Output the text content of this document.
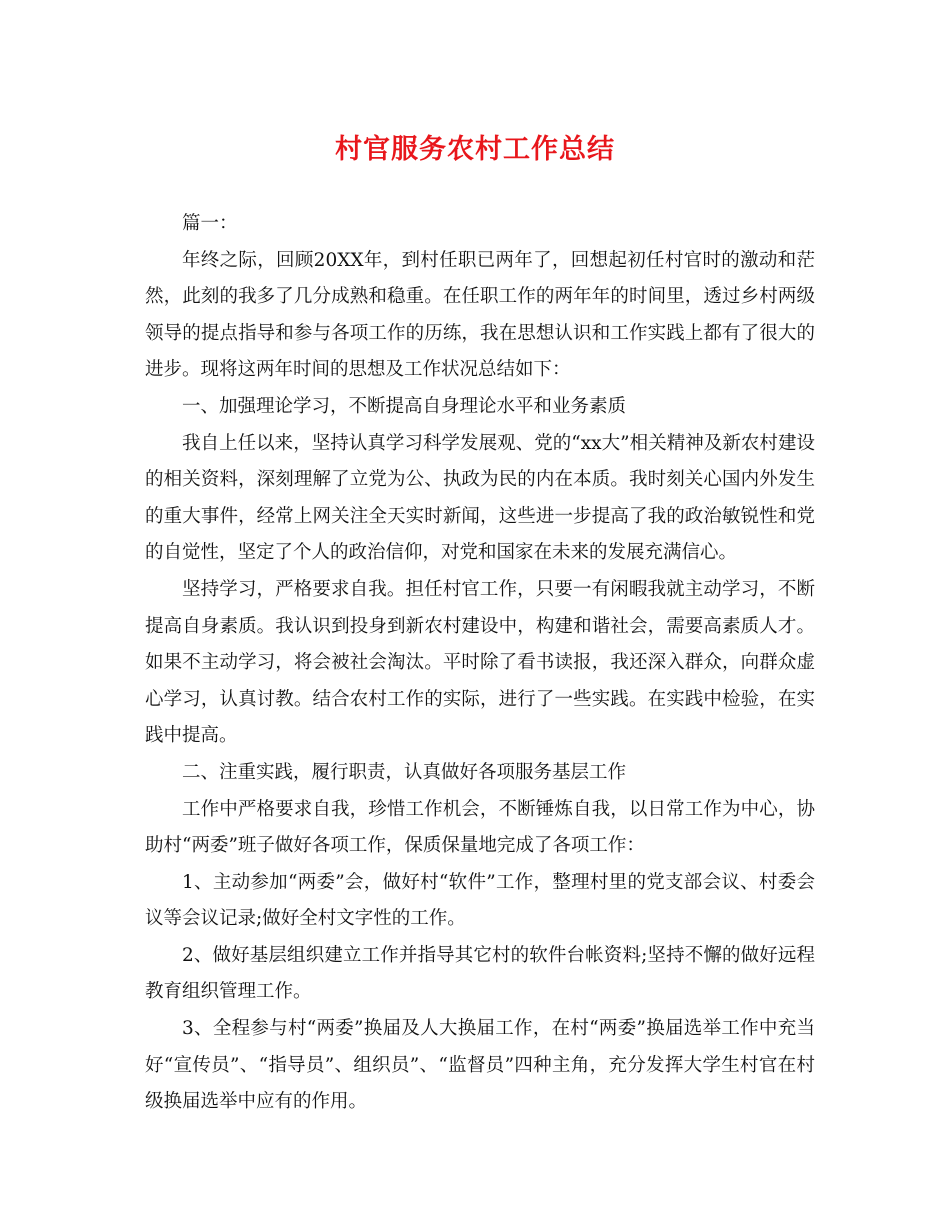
村官服务农村工作总结

篇一：

年终之际，回顾20XX年，到村任职已两年了，回想起初任村官时的激动和茫然，此刻的我多了几分成熟和稳重。在任职工作的两年年的时间里，透过乡村两级领导的提点指导和参与各项工作的历练，我在思想认识和工作实践上都有了很大的进步。现将这两年时间的思想及工作状况总结如下：

一、加强理论学习，不断提高自身理论水平和业务素质

我自上任以来，坚持认真学习科学发展观、党的“xx大”相关精神及新农村建设的相关资料，深刻理解了立党为公、执政为民的内在本质。我时刻关心国内外发生的重大事件，经常上网关注全天实时新闻，这些进一步提高了我的政治敏锐性和党的自觉性，坚定了个人的政治信仰，对党和国家在未来的发展充满信心。

坚持学习，严格要求自我。担任村官工作，只要一有闲暇我就主动学习，不断提高自身素质。我认识到投身到新农村建设中，构建和谐社会，需要高素质人才。如果不主动学习，将会被社会淘汰。平时除了看书读报，我还深入群众，向群众虚心学习，认真讨教。结合农村工作的实际，进行了一些实践。在实践中检验，在实践中提高。

二、注重实践，履行职责，认真做好各项服务基层工作

工作中严格要求自我，珍惜工作机会，不断锤炼自我，以日常工作为中心，协助村“两委”班子做好各项工作，保质保量地完成了各项工作：

1、主动参加“两委”会，做好村“软件”工作，整理村里的党支部会议、村委会议等会议记录;做好全村文字性的工作。

2、做好基层组织建立工作并指导其它村的软件台帐资料;坚持不懈的做好远程教育组织管理工作。

3、全程参与村“两委”换届及人大换届工作，在村“两委”换届选举工作中充当好“宣传员”、“指导员”、组织员”、“监督员”四种主角，充分发挥大学生村官在村级换届选举中应有的作用。
